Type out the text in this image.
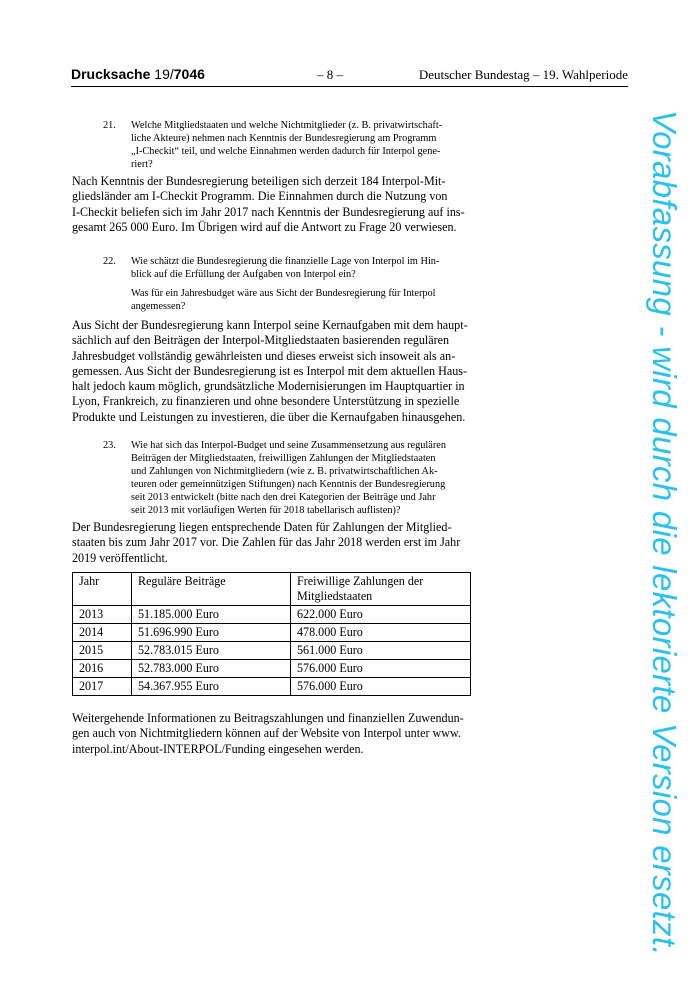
Drucksache 19/7046	– 8 –	Deutscher Bundestag – 19. Wahlperiode
21. Welche Mitgliedstaaten und welche Nichtmitglieder (z. B. privatwirtschaft-
liche Akteure) nehmen nach Kenntnis der Bundesregierung am Programm
„I-Checkit“ teil, und welche Einnahmen werden dadurch für Interpol gene-
riert?
Nach Kenntnis der Bundesregierung beteiligen sich derzeit 184 Interpol-Mit-
gliedsländer am I-Checkit Programm. Die Einnahmen durch die Nutzung von
I-Checkit beliefen sich im Jahr 2017 nach Kenntnis der Bundesregierung auf ins-
gesamt 265 000 Euro. Im Übrigen wird auf die Antwort zu Frage 20 verwiesen.
22. Wie schätzt die Bundesregierung die finanzielle Lage von Interpol im Hin-
blick auf die Erfüllung der Aufgaben von Interpol ein?
Was für ein Jahresbudget wäre aus Sicht der Bundesregierung für Interpol
angemessen?
Aus Sicht der Bundesregierung kann Interpol seine Kernaufgaben mit dem haupt-
sächlich auf den Beiträgen der Interpol-Mitgliedstaaten basierenden regulären
Jahresbudget vollständig gewährleisten und dieses erweist sich insoweit als an-
gemessen. Aus Sicht der Bundesregierung ist es Interpol mit dem aktuellen Haus-
halt jedoch kaum möglich, grundsätzliche Modernisierungen im Hauptquartier in
Lyon, Frankreich, zu finanzieren und ohne besondere Unterstützung in spezielle
Produkte und Leistungen zu investieren, die über die Kernaufgaben hinausgehen.
23. Wie hat sich das Interpol-Budget und seine Zusammensetzung aus regulären
Beiträgen der Mitgliedstaaten, freiwilligen Zahlungen der Mitgliedstaaten
und Zahlungen von Nichtmitgliedern (wie z. B. privatwirtschaftlichen Ak-
teuren oder gemeinnützigen Stiftungen) nach Kenntnis der Bundesregierung
seit 2013 entwickelt (bitte nach den drei Kategorien der Beiträge und Jahr
seit 2013 mit vorläufigen Werten für 2018 tabellarisch auflisten)?
Der Bundesregierung liegen entsprechende Daten für Zahlungen der Mitglied-
staaten bis zum Jahr 2017 vor. Die Zahlen für das Jahr 2018 werden erst im Jahr
2019 veröffentlicht.
Jahr	Reguläre Beiträge	Freiwillige Zahlungen der Mitgliedstaaten
2013	51.185.000 Euro	622.000 Euro
2014	51.696.990 Euro	478.000 Euro
2015	52.783.015 Euro	561.000 Euro
2016	52.783.000 Euro	576.000 Euro
2017	54.367.955 Euro	576.000 Euro
Weitergehende Informationen zu Beitragszahlungen und finanziellen Zuwendun-
gen auch von Nichtmitgliedern können auf der Website von Interpol unter www.
interpol.int/About-INTERPOL/Funding eingesehen werden.	Vorabfassung - wird durch die lektorierte Version ersetzt.
